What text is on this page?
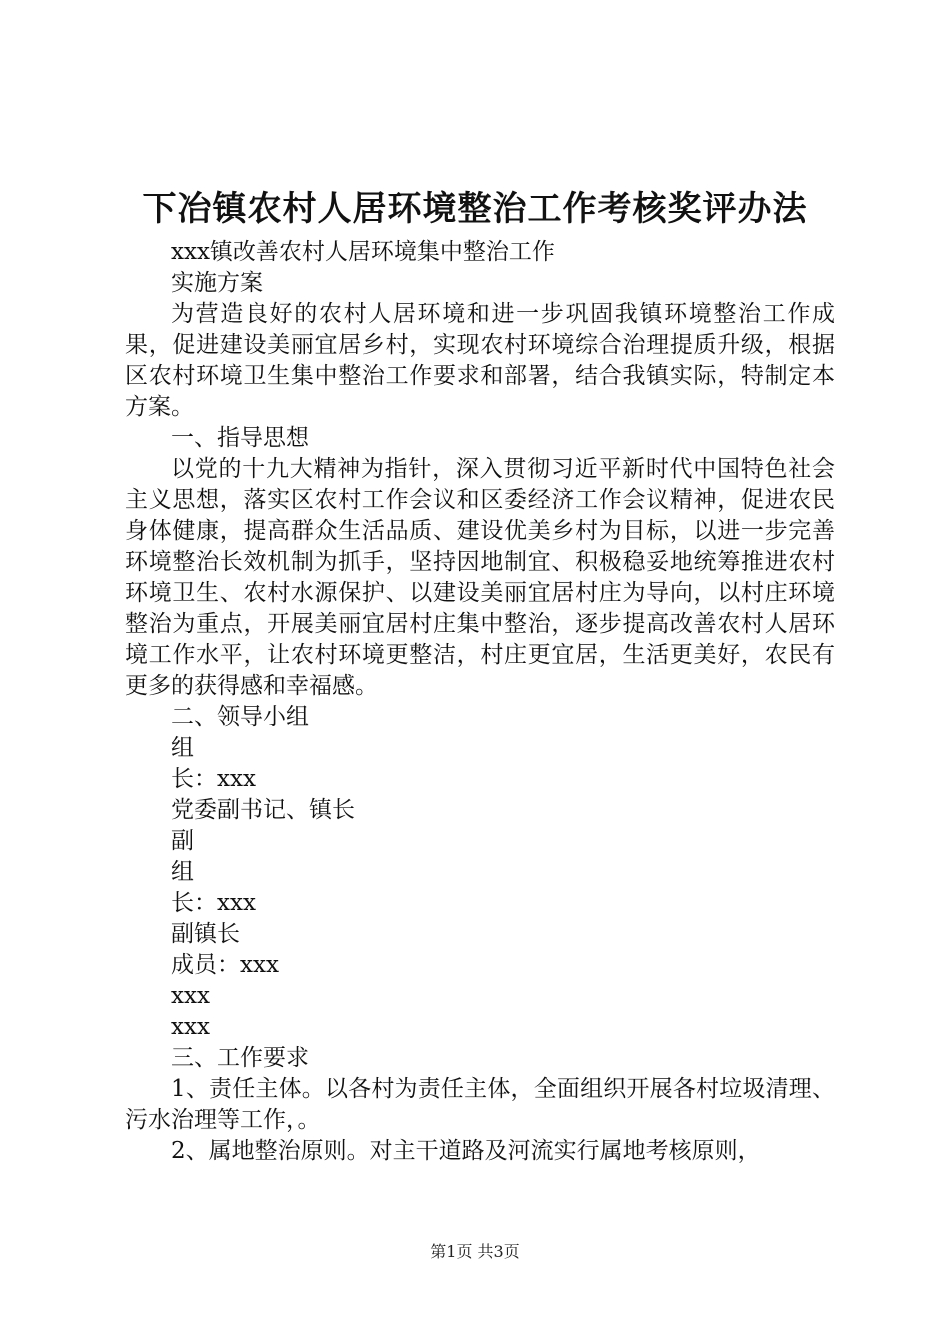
下冶镇农村人居环境整治工作考核奖评办法

xxx镇改善农村人居环境集中整治工作

实施方案

为营造良好的农村人居环境和进一步巩固我镇环境整治工作成果，促进建设美丽宜居乡村，实现农村环境综合治理提质升级，根据区农村环境卫生集中整治工作要求和部署，结合我镇实际，特制定本方案。

一、指导思想

以党的十九大精神为指针，深入贯彻习近平新时代中国特色社会主义思想，落实区农村工作会议和区委经济工作会议精神，促进农民身体健康，提高群众生活品质、建设优美乡村为目标，以进一步完善环境整治长效机制为抓手，坚持因地制宜、积极稳妥地统筹推进农村环境卫生、农村水源保护、以建设美丽宜居村庄为导向，以村庄环境整治为重点，开展美丽宜居村庄集中整治，逐步提高改善农村人居环境工作水平，让农村环境更整洁，村庄更宜居，生活更美好，农民有更多的获得感和幸福感。

二、领导小组

组

长：xxx

党委副书记、镇长

副

组

长：xxx

副镇长

成员：xxx

xxx

xxx

三、工作要求

1、责任主体。以各村为责任主体，全面组织开展各村垃圾清理、污水治理等工作，。

2、属地整治原则。对主干道路及河流实行属地考核原则，

第1页 共3页
